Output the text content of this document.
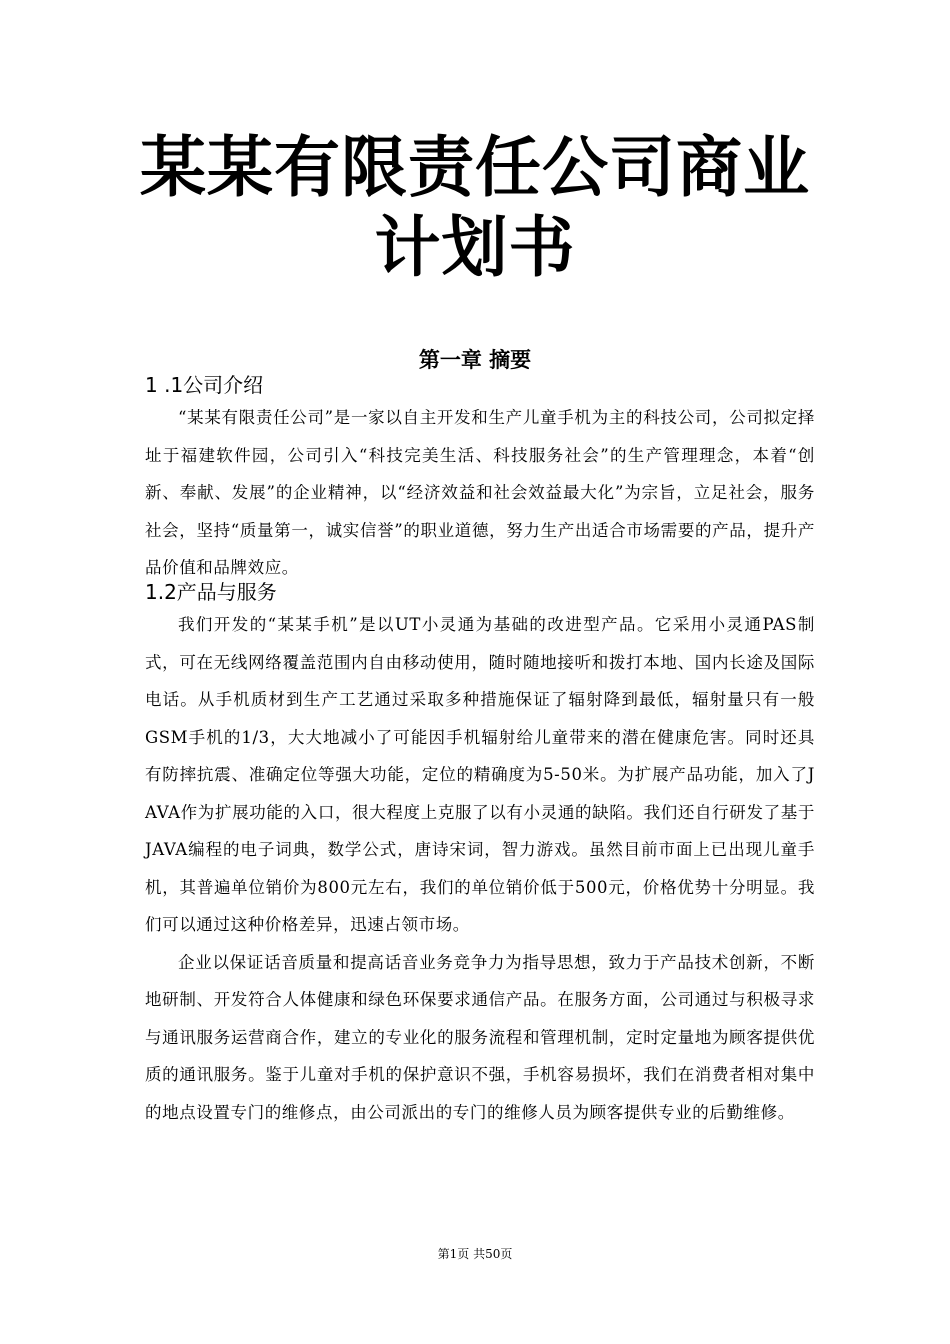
某某有限责任公司商业计划书
第一章 摘要
1 .1公司介绍

“某某有限责任公司”是一家以自主开发和生产儿童手机为主的科技公司，公司拟定择址于福建软件园，公司引入“科技完美生活、科技服务社会”的生产管理理念，本着“创新、奉献、发展”的企业精神，以“经济效益和社会效益最大化”为宗旨，立足社会，服务社会，坚持“质量第一，诚实信誉”的职业道德，努力生产出适合市场需要的产品，提升产品价值和品牌效应。

1.2产品与服务

我们开发的“某某手机”是以UT小灵通为基础的改进型产品。它采用小灵通PAS制式，可在无线网络覆盖范围内自由移动使用，随时随地接听和拨打本地、国内长途及国际电话。从手机质材到生产工艺通过采取多种措施保证了辐射降到最低，辐射量只有一般GSM手机的1/3，大大地减小了可能因手机辐射给儿童带来的潜在健康危害。同时还具有防摔抗震、准确定位等强大功能，定位的精确度为5-50米。为扩展产品功能，加入了J AVA作为扩展功能的入口，很大程度上克服了以有小灵通的缺陷。我们还自行研发了基于JAVA编程的电子词典，数学公式，唐诗宋词，智力游戏。虽然目前市面上已出现儿童手机，其普遍单位销价为800元左右，我们的单位销价低于500元，价格优势十分明显。我们可以通过这种价格差异，迅速占领市场。

企业以保证话音质量和提高话音业务竞争力为指导思想，致力于产品技术创新，不断地研制、开发符合人体健康和绿色环保要求通信产品。在服务方面，公司通过与积极寻求与通讯服务运营商合作，建立的专业化的服务流程和管理机制，定时定量地为顾客提供优质的通讯服务。鉴于儿童对手机的保护意识不强，手机容易损坏，我们在消费者相对集中的地点设置专门的维修点，由公司派出的专门的维修人员为顾客提供专业的后勤维修。

第1页 共50页
